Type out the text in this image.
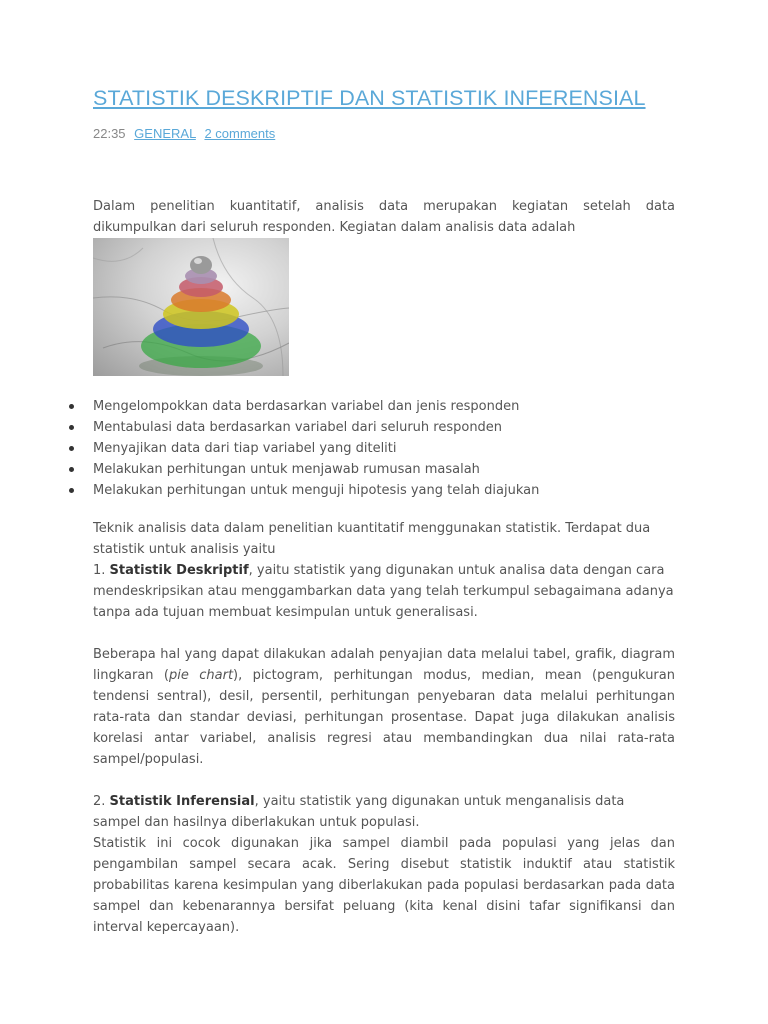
STATISTIK DESKRIPTIF DAN STATISTIK INFERENSIAL
22:35 GENERAL 2 comments

Dalam penelitian kuantitatif, analisis data merupakan kegiatan setelah data dikumpulkan dari seluruh responden. Kegiatan dalam analisis data adalah

Mengelompokkan data berdasarkan variabel dan jenis responden
Mentabulasi data berdasarkan variabel dari seluruh responden
Menyajikan data dari tiap variabel yang diteliti
Melakukan perhitungan untuk menjawab rumusan masalah
Melakukan perhitungan untuk menguji hipotesis yang telah diajukan

Teknik analisis data dalam penelitian kuantitatif menggunakan statistik. Terdapat dua statistik untuk analisis yaitu

1. Statistik Deskriptif, yaitu statistik yang digunakan untuk analisa data dengan cara mendeskripsikan atau menggambarkan data yang telah terkumpul sebagaimana adanya tanpa ada tujuan membuat kesimpulan untuk generalisasi.

Beberapa hal yang dapat dilakukan adalah penyajian data melalui tabel, grafik, diagram lingkaran (pie chart), pictogram, perhitungan modus, median, mean (pengukuran tendensi sentral), desil, persentil, perhitungan penyebaran data melalui perhitungan rata-rata dan standar deviasi, perhitungan prosentase. Dapat juga dilakukan analisis korelasi antar variabel, analisis regresi atau membandingkan dua nilai rata-rata sampel/populasi.

2. Statistik Inferensial, yaitu statistik yang digunakan untuk menganalisis data sampel dan hasilnya diberlakukan untuk populasi.

Statistik ini cocok digunakan jika sampel diambil pada populasi yang jelas dan pengambilan sampel secara acak. Sering disebut statistik induktif atau statistik probabilitas karena kesimpulan yang diberlakukan pada populasi berdasarkan pada data sampel dan kebenarannya bersifat peluang (kita kenal disini tafar signifikansi dan interval kepercayaan).
